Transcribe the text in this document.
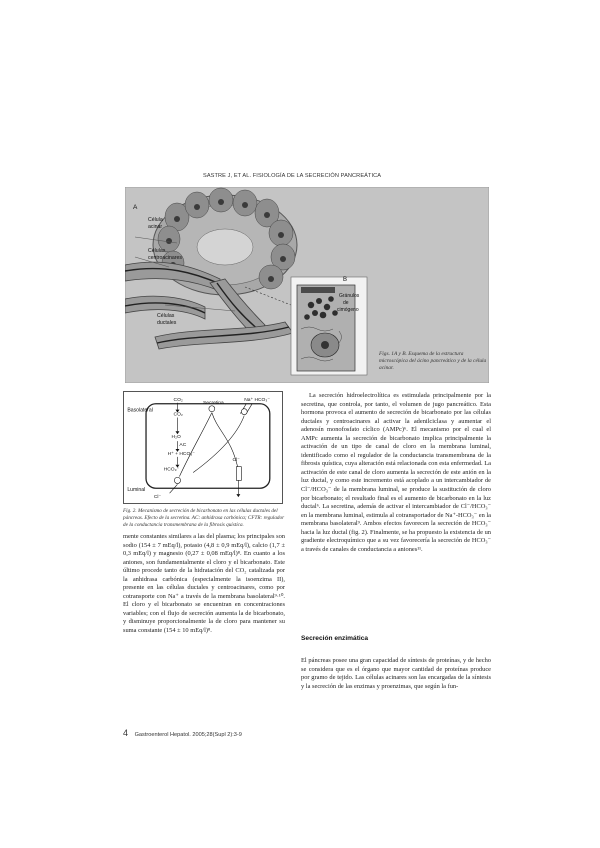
SASTRE J, ET AL. FISIOLOGÍA DE LA SECRECIÓN PANCREÁTICA
A
Célula
acinar
Células
centroacinares
Células
ductales
B
Gránulos
de
cimógeno
Figs. 1A y B. Esquema de la estructura microscópica del ácino pancreático y de la célula acinar.
Basolateral
Luminal
CO₂
CO₂
Secretina
Na⁺ HCO₃⁻
H₂O
AC
H⁺ + HCO₃⁻
HCO₃⁻
Cl⁻
Cl⁻
Fig. 2. Mecanismo de secreción de bicarbonato en las células ductales del páncreas. Efecto de la secretina. AC: anhidrasa carbónica; CFTR: regulador de la conductancia transmembrana de la fibrosis quística.

mente constantes similares a las del plasma; los principales son sodio (154 ± 7 mEq/l), potasio (4,8 ± 0,9 mEq/l), calcio (1,7 ± 0,3 mEq/l) y magnesio (0,27 ± 0,08 mEq/l)⁸. En cuanto a los aniones, son fundamentalmente el cloro y el bicarbonato. Este último procede tanto de la hidratación del CO₂ catalizada por la anhidrasa carbónica (especialmente la isoenzima II), presente en las células ductales y centroacinares, como por cotransporte con Na⁺ a través de la membrana basolateral⁹·¹⁰. El cloro y el bicarbonato se encuentran en concentraciones variables; con el flujo de secreción aumenta la de bicarbonato, y disminuye proporcionalmente la de cloro para mantener su suma constante (154 ± 10 mEq/l)⁸.

La secreción hidroelectrolítica es estimulada principalmente por la secretina, que controla, por tanto, el volumen de jugo pancreático. Esta hormona provoca el aumento de secreción de bicarbonato por las células ductales y centroacinares al activar la adenilciclasa y aumentar el adenosín monofosfato cíclico (AMPc)⁶. El mecanismo por el cual el AMPc aumenta la secreción de bicarbonato implica principalmente la activación de un tipo de canal de cloro en la membrana luminal, identificado como el regulador de la conductancia transmembrana de la fibrosis quística, cuya alteración está relacionada con esta enfermedad. La activación de este canal de cloro aumenta la secreción de este anión en la luz ductal, y como este incremento está acoplado a un intercambiador de Cl⁻/HCO₃⁻ de la membrana luminal, se produce la sustitución de cloro por bicarbonato; el resultado final es el aumento de bicarbonato en la luz ductal⁶. La secretina, además de activar el intercambiador de Cl⁻/HCO₃⁻ en la membrana luminal, estimula al cotransportador de Na⁺-HCO₃⁻ en la membrana basolateral⁹. Ambos efectos favorecen la secreción de HCO₃⁻ hacia la luz ductal (fig. 2). Finalmente, se ha propuesto la existencia de un gradiente electroquímico que a su vez favorecería la secreción de HCO₃⁻ a través de canales de conductancia a aniones¹¹.

Secreción enzimática

El páncreas posee una gran capacidad de síntesis de proteínas, y de hecho se considera que es el órgano que mayor cantidad de proteínas produce por gramo de tejido. Las células acinares son las encargadas de la síntesis y la secreción de las enzimas y proenzimas, que según la fun-

4 Gastroenterol Hepatol. 2005;28(Supl 2):3-9
